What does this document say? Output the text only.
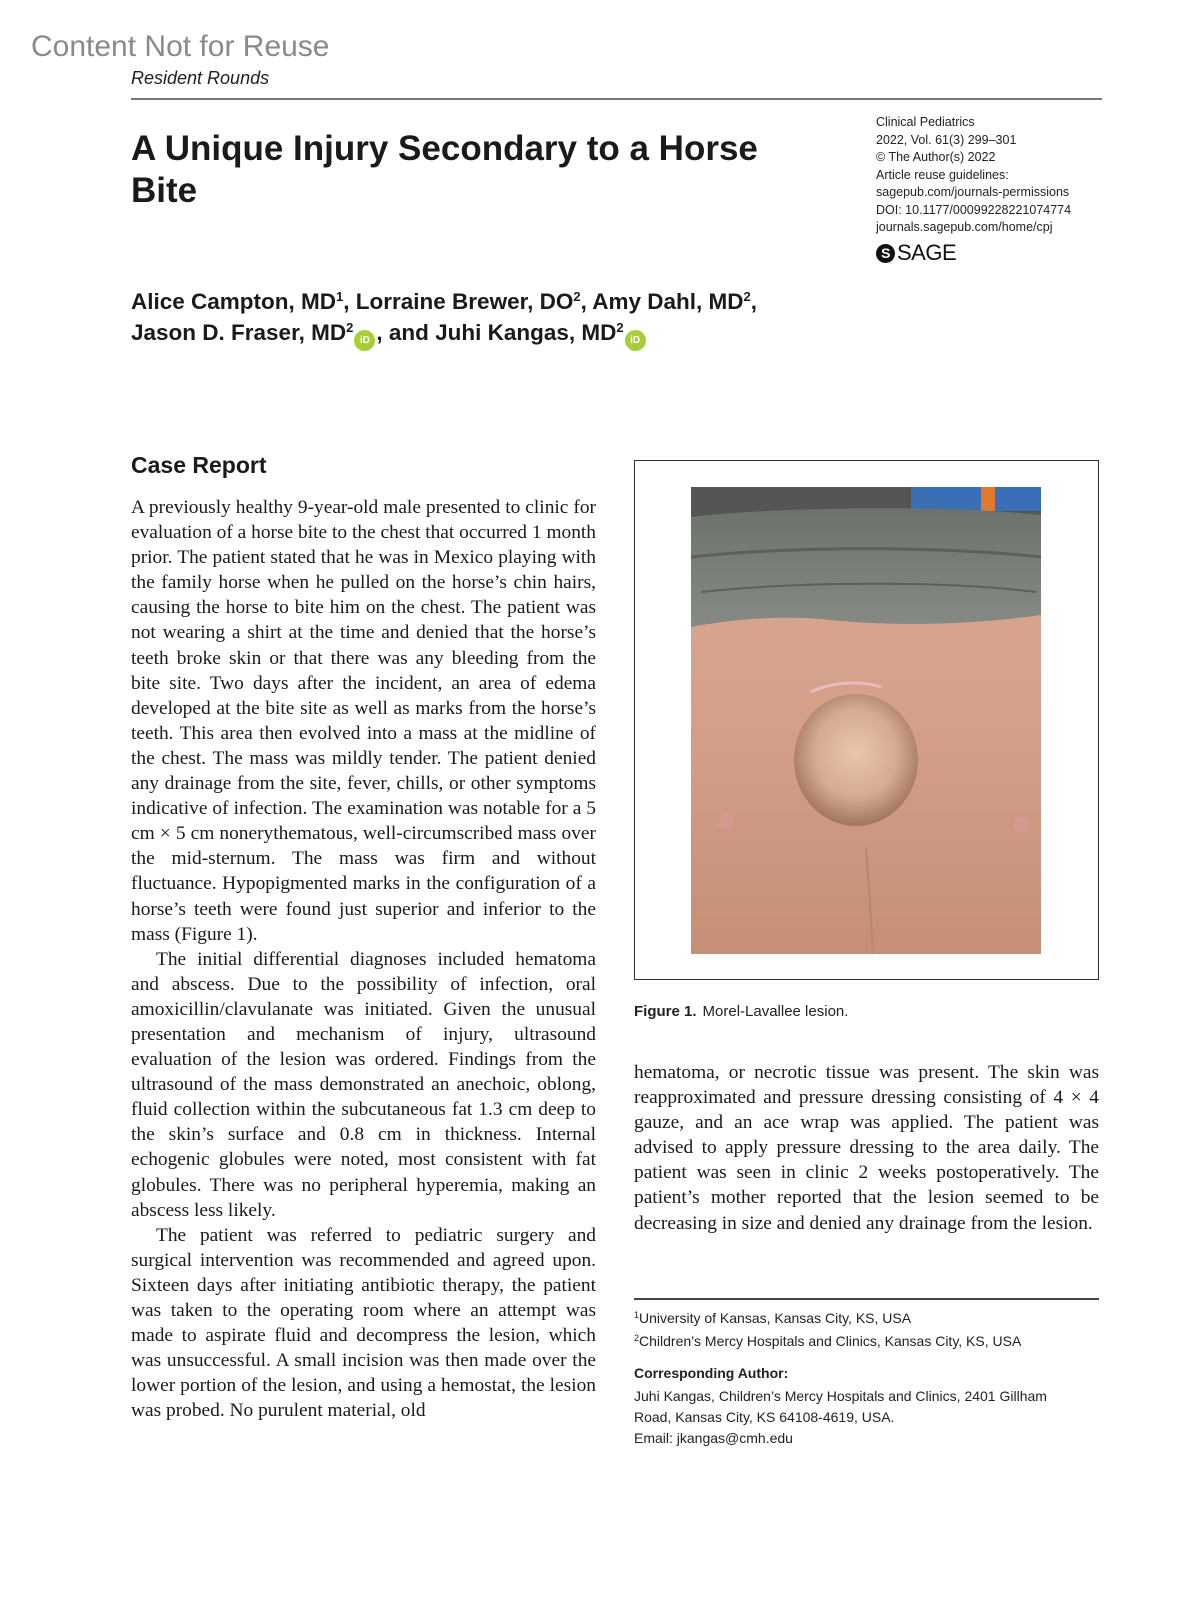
Content Not for Reuse
Resident Rounds
A Unique Injury Secondary to a Horse Bite
Clinical Pediatrics
2022, Vol. 61(3) 299–301
© The Author(s) 2022
Article reuse guidelines:
sagepub.com/journals-permissions
DOI: 10.1177/00099228221074774
journals.sagepub.com/home/cpj
S SAGE
Alice Campton, $MD^1$, Lorraine Brewer, $DO^2$, Amy Dahl, $MD^2$,
Jason D. Fraser, $MD^2iD$ , and Juhi Kangas, $MD^2iD$
Case Report

A previously healthy 9-year-old male presented to clinic for evaluation of a horse bite to the chest that occurred 1 month prior. The patient stated that he was in Mexico playing with the family horse when he pulled on the horse’s chin hairs, causing the horse to bite him on the chest. The patient was not wearing a shirt at the time and denied that the horse’s teeth broke skin or that there was any bleeding from the bite site. Two days after the incident, an area of edema developed at the bite site as well as marks from the horse’s teeth. This area then evolved into a mass at the midline of the chest. The mass was mildly tender. The patient denied any drainage from the site, fever, chills, or other symptoms indicative of infection. The examination was notable for a 5 cm × 5 cm nonerythematous, well-circumscribed mass over the mid-sternum. The mass was firm and without fluctuance. Hypopigmented marks in the configuration of a horse’s teeth were found just superior and inferior to the mass (Figure 1).

The initial differential diagnoses included hematoma and abscess. Due to the possibility of infection, oral amoxicillin/clavulanate was initiated. Given the unusual presentation and mechanism of injury, ultrasound evaluation of the lesion was ordered. Findings from the ultrasound of the mass demonstrated an anechoic, oblong, fluid collection within the subcutaneous fat 1.3 cm deep to the skin’s surface and 0.8 cm in thickness. Internal echogenic globules were noted, most consistent with fat globules. There was no peripheral hyperemia, making an abscess less likely.

The patient was referred to pediatric surgery and surgical intervention was recommended and agreed upon. Sixteen days after initiating antibiotic therapy, the patient was taken to the operating room where an attempt was made to aspirate fluid and decompress the lesion, which was unsuccessful. A small incision was then made over the lower portion of the lesion, and using a hemostat, the lesion was probed. No purulent material, old

Figure 1. Morel-Lavallee lesion.

hematoma, or necrotic tissue was present. The skin was reapproximated and pressure dressing consisting of 4 × 4 gauze, and an ace wrap was applied. The patient was advised to apply pressure dressing to the area daily. The patient was seen in clinic 2 weeks postoperatively. The patient’s mother reported that the lesion seemed to be decreasing in size and denied any drainage from the lesion.

$^1$University of Kansas, Kansas City, KS, USA
$^2$Children’s Mercy Hospitals and Clinics, Kansas City, KS, USA
Corresponding Author:
Juhi Kangas, Children’s Mercy Hospitals and Clinics, 2401 Gillham
Road, Kansas City, KS 64108-4619, USA.
Email: jkangas@cmh.edu
